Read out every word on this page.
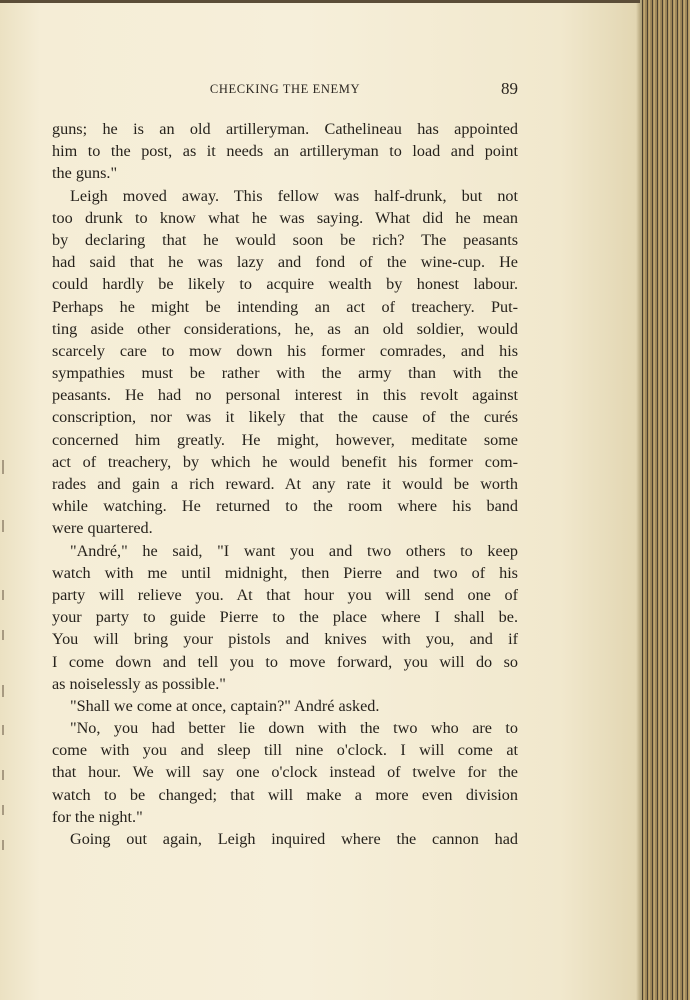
CHECKING THE ENEMY	89
guns; he is an old artilleryman. Cathelineau has appointed
him to the post, as it needs an artilleryman to load and point
the guns."
Leigh moved away. This fellow was half-drunk, but not
too drunk to know what he was saying. What did he mean
by declaring that he would soon be rich? The peasants
had said that he was lazy and fond of the wine-cup. He
could hardly be likely to acquire wealth by honest labour.
Perhaps he might be intending an act of treachery. Put-
ting aside other considerations, he, as an old soldier, would
scarcely care to mow down his former comrades, and his
sympathies must be rather with the army than with the
peasants. He had no personal interest in this revolt against
conscription, nor was it likely that the cause of the curés
concerned him greatly. He might, however, meditate some
act of treachery, by which he would benefit his former com-
rades and gain a rich reward. At any rate it would be worth
while watching. He returned to the room where his band
were quartered.
"André," he said, "I want you and two others to keep
watch with me until midnight, then Pierre and two of his
party will relieve you. At that hour you will send one of
your party to guide Pierre to the place where I shall be.
You will bring your pistols and knives with you, and if
I come down and tell you to move forward, you will do so
as noiselessly as possible."
"Shall we come at once, captain?" André asked.
"No, you had better lie down with the two who are to
come with you and sleep till nine o'clock. I will come at
that hour. We will say one o'clock instead of twelve for the
watch to be changed; that will make a more even division
for the night."
Going out again, Leigh inquired where the cannon had
